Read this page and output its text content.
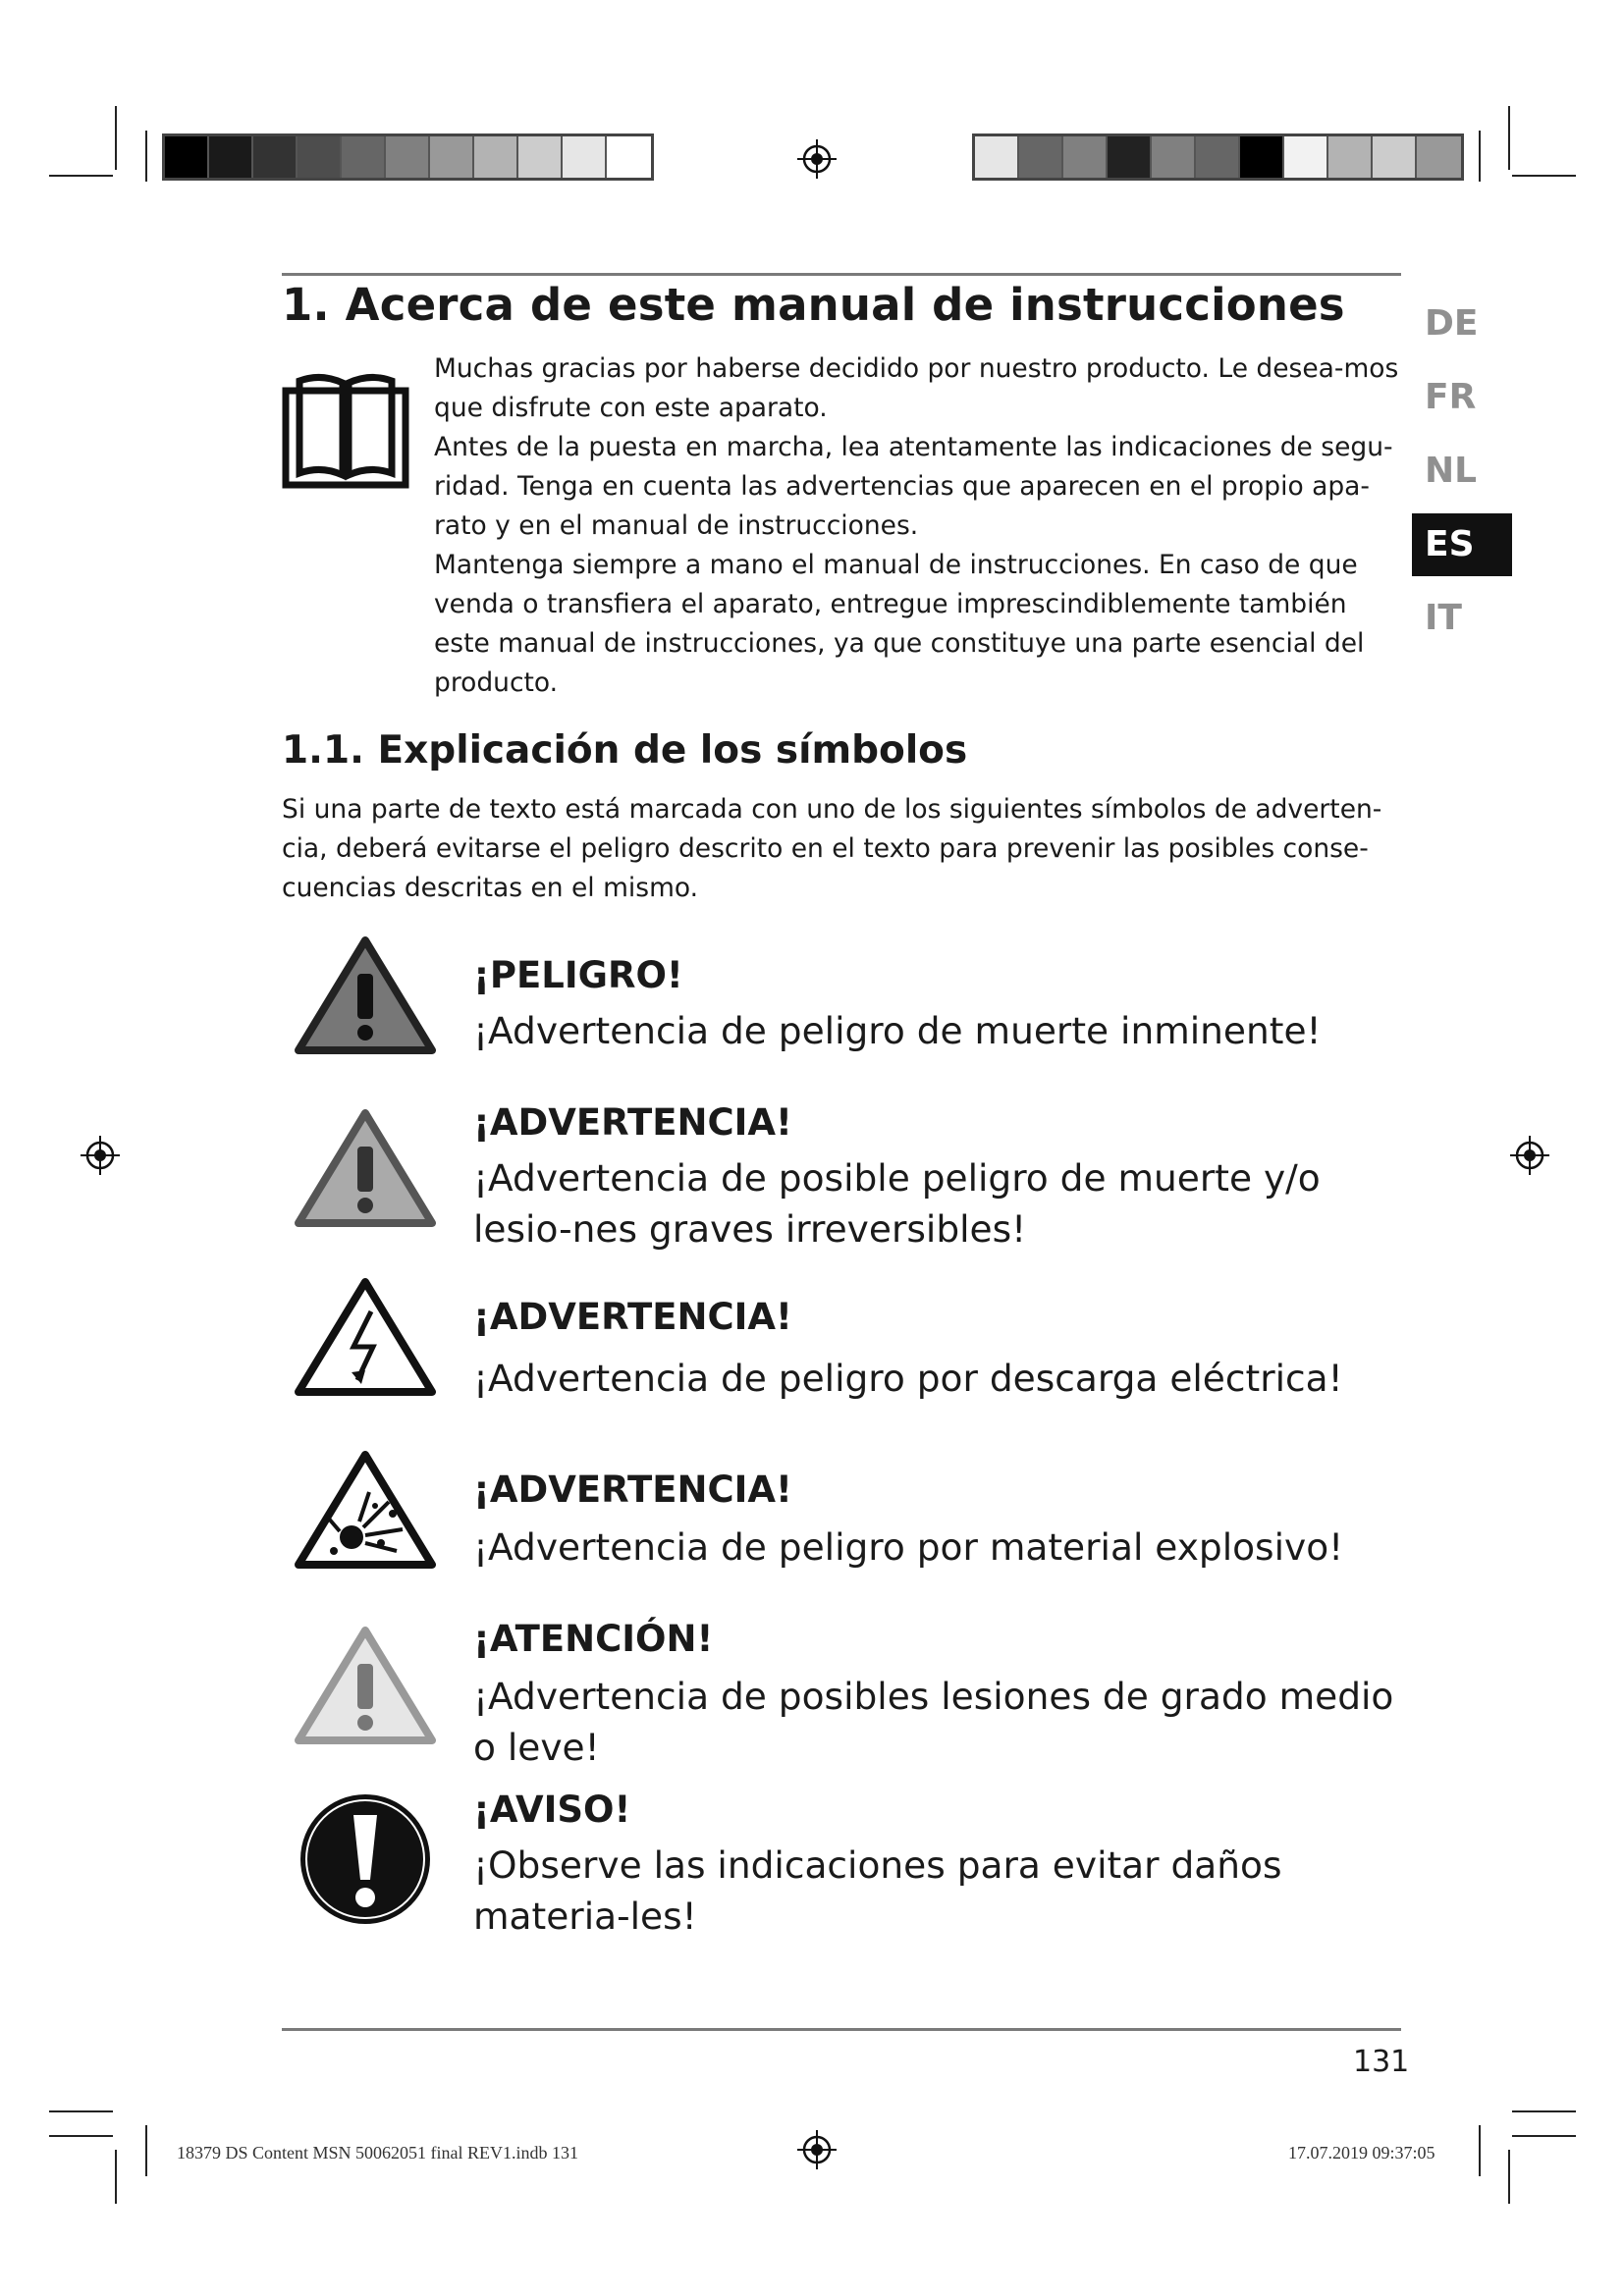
1. Acerca de este manual de instrucciones

Muchas gracias por haberse decidido por nuestro producto. Le desea-mos que disfrute con este aparato.

Antes de la puesta en marcha, lea atentamente las indicaciones de segu-ridad. Tenga en cuenta las advertencias que aparecen en el propio apa-rato y en el manual de instrucciones.

Mantenga siempre a mano el manual de instrucciones. En caso de que venda o transfiera el aparato, entregue imprescindiblemente también este manual de instrucciones, ya que constituye una parte esencial del producto.

DE
FR
NL
ES
IT
1.1. Explicación de los símbolos

Si una parte de texto está marcada con uno de los siguientes símbolos de adverten-cia, deberá evitarse el peligro descrito en el texto para prevenir las posibles conse-cuencias descritas en el mismo.

¡PELIGRO!
¡Advertencia de peligro de muerte inminente!
¡ADVERTENCIA!
¡Advertencia de posible peligro de muerte y/o lesio-nes graves irreversibles!
¡ADVERTENCIA!
¡Advertencia de peligro por descarga eléctrica!
¡ADVERTENCIA!
¡Advertencia de peligro por material explosivo!
¡ATENCIÓN!
¡Advertencia de posibles lesiones de grado medio o leve!
¡AVISO!
¡Observe las indicaciones para evitar daños materia-les!
131
18379 DS Content MSN 50062051 final REV1.indb 131	17.07.2019 09:37:05
